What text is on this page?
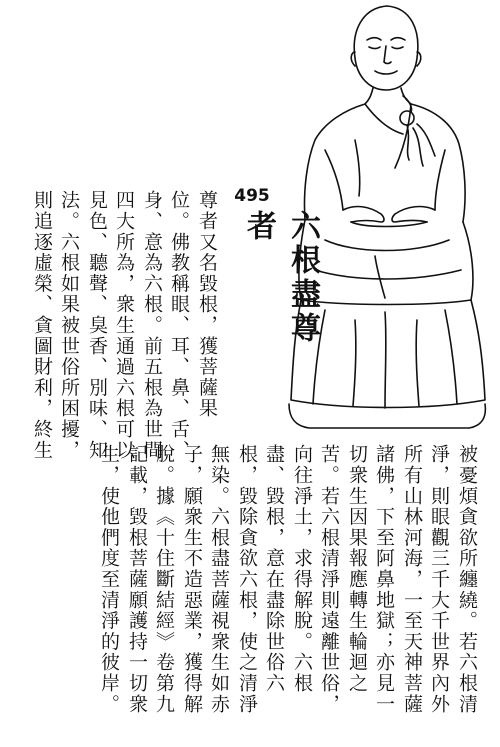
495
六根盡尊者
尊者又名毀根，獲菩薩果
位。佛教稱眼、耳、鼻、舌、
身、意為六根。前五根為世間
四大所為，衆生通過六根可以
見色、聽聲、臭香、別味、知
法。六根如果被世俗所困擾，
則追逐虛榮、貪圖財利，終生
被憂煩貪欲所纏繞。若六根清
淨，則眼觀三千大千世界內外
所有山林河海，一至天神菩薩
諸佛，下至阿鼻地獄；亦見一
切衆生因果報應轉生輪迴之
苦。若六根清淨則遠離世俗，
向往淨土，求得解脫。六根
盡、毀根，意在盡除世俗六
根，毀除貪欲六根，使之清淨
無染。六根盡菩薩視衆生如赤
子，願衆生不造惡業，獲得解
脫。據《十住斷結經》卷第九
記載，毀根菩薩願護持一切衆
生，使他們度至清淨的彼岸。
